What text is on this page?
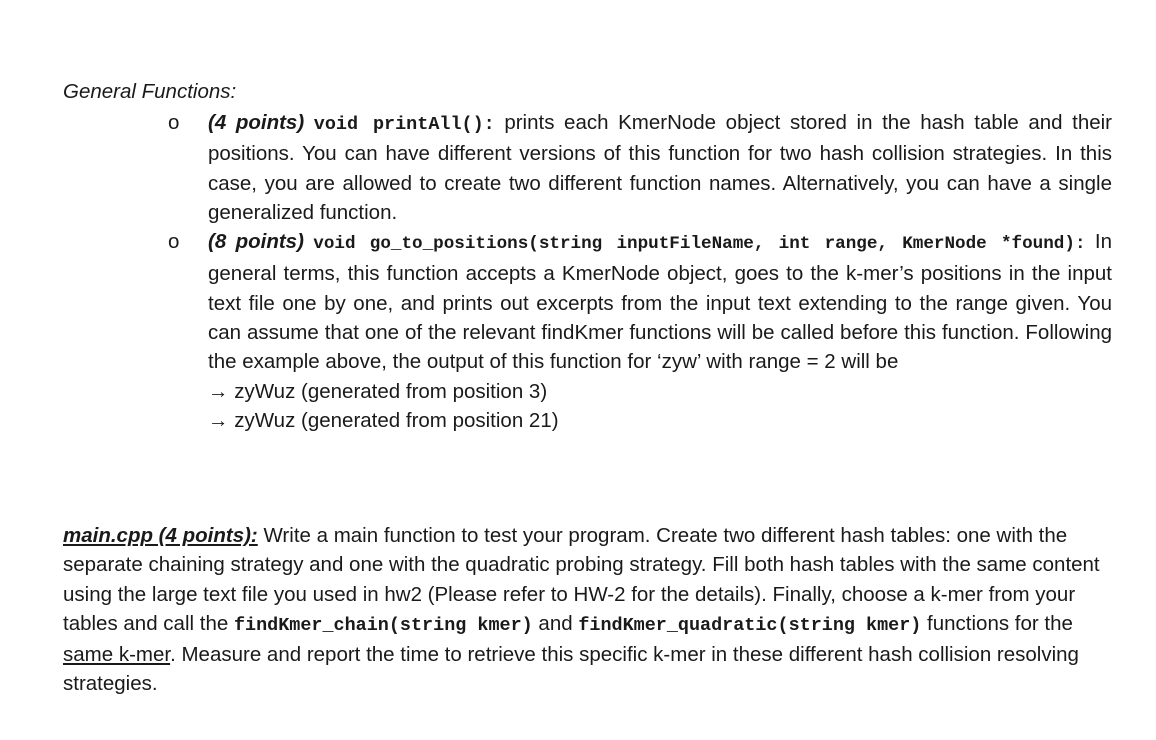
General Functions:
o	(4 points) void printAll(): prints each KmerNode object stored in the hash table and their positions. You can have different versions of this function for two hash collision strategies. In this case, you are allowed to create two different function names. Alternatively, you can have a single generalized function.
o	(8 points) void go_to_positions(string inputFileName, int range, KmerNode *found): In general terms, this function accepts a KmerNode object, goes to the k-mer’s positions in the input text file one by one, and prints out excerpts from the input text extending to the range given. You can assume that one of the relevant findKmer functions will be called before this function. Following the example above, the output of this function for ‘zyw’ with range = 2 will be
→ zyWuz (generated from position 3)
→ zyWuz (generated from position 21)
main.cpp (4 points): Write a main function to test your program. Create two different hash tables: one with the separate chaining strategy and one with the quadratic probing strategy. Fill both hash tables with the same content using the large text file you used in hw2 (Please refer to HW-2 for the details). Finally, choose a k-mer from your tables and call the findKmer_chain(string kmer) and findKmer_quadratic(string kmer) functions for the same k-mer. Measure and report the time to retrieve this specific k-mer in these different hash collision resolving strategies.
